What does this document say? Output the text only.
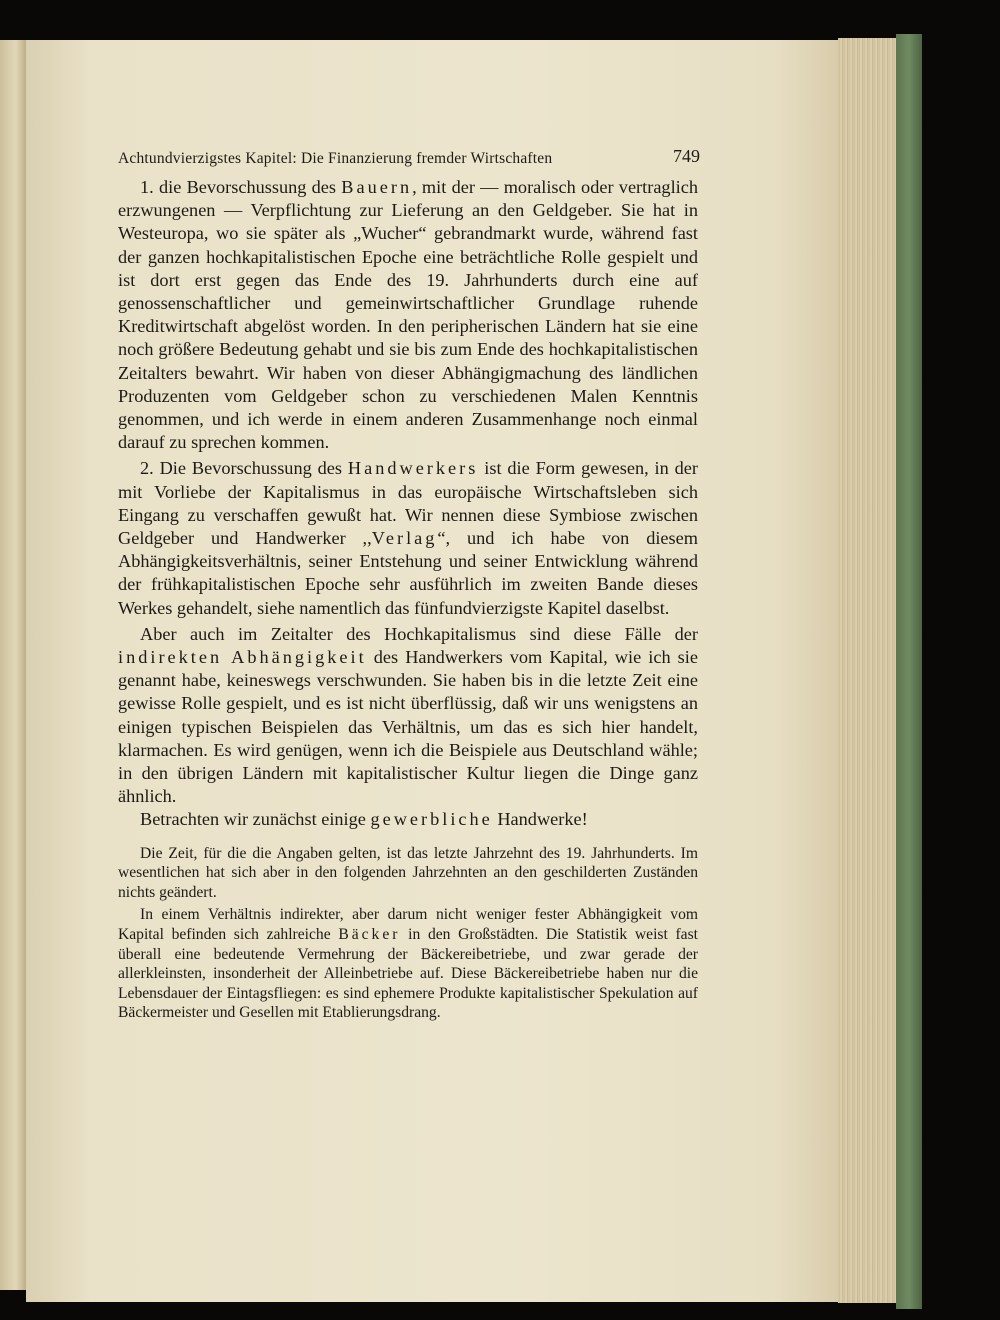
Achtundvierzigstes Kapitel: Die Finanzierung fremder Wirtschaften	749

1. die Bevorschussung des Bauern, mit der — moralisch oder vertraglich erzwungenen — Verpflichtung zur Lieferung an den Geldgeber. Sie hat in Westeuropa, wo sie später als „Wucher“ gebrandmarkt wurde, während fast der ganzen hochkapitalistischen Epoche eine beträchtliche Rolle gespielt und ist dort erst gegen das Ende des 19. Jahrhunderts durch eine auf genossenschaftlicher und gemeinwirtschaftlicher Grundlage ruhende Kreditwirtschaft abgelöst worden. In den peripherischen Ländern hat sie eine noch größere Bedeutung gehabt und sie bis zum Ende des hochkapitalistischen Zeitalters bewahrt. Wir haben von dieser Abhängigmachung des ländlichen Produzenten vom Geldgeber schon zu verschiedenen Malen Kenntnis genommen, und ich werde in einem anderen Zusammenhange noch einmal darauf zu sprechen kommen.

2. Die Bevorschussung des Handwerkers ist die Form gewesen, in der mit Vorliebe der Kapitalismus in das europäische Wirtschaftsleben sich Eingang zu verschaffen gewußt hat. Wir nennen diese Symbiose zwischen Geldgeber und Handwerker ,,Verlag“, und ich habe von diesem Abhängigkeitsverhältnis, seiner Entstehung und seiner Entwicklung während der frühkapitalistischen Epoche sehr ausführlich im zweiten Bande dieses Werkes gehandelt, siehe namentlich das fünfundvierzigste Kapitel daselbst.

Aber auch im Zeitalter des Hochkapitalismus sind diese Fälle der indirekten Abhängigkeit des Handwerkers vom Kapital, wie ich sie genannt habe, keineswegs verschwunden. Sie haben bis in die letzte Zeit eine gewisse Rolle gespielt, und es ist nicht überflüssig, daß wir uns wenigstens an einigen typischen Beispielen das Verhältnis, um das es sich hier handelt, klarmachen. Es wird genügen, wenn ich die Beispiele aus Deutschland wähle; in den übrigen Ländern mit kapitalistischer Kultur liegen die Dinge ganz ähnlich.

Betrachten wir zunächst einige gewerbliche Handwerke!

Die Zeit, für die die Angaben gelten, ist das letzte Jahrzehnt des 19. Jahrhunderts. Im wesentlichen hat sich aber in den folgenden Jahrzehnten an den geschilderten Zuständen nichts geändert.

In einem Verhältnis indirekter, aber darum nicht weniger fester Abhängigkeit vom Kapital befinden sich zahlreiche Bäcker in den Großstädten. Die Statistik weist fast überall eine bedeutende Vermehrung der Bäckereibetriebe, und zwar gerade der allerkleinsten, insonderheit der Alleinbetriebe auf. Diese Bäckereibetriebe haben nur die Lebensdauer der Eintagsfliegen: es sind ephemere Produkte kapitalistischer Spekulation auf Bäckermeister und Gesellen mit Etablierungsdrang.
